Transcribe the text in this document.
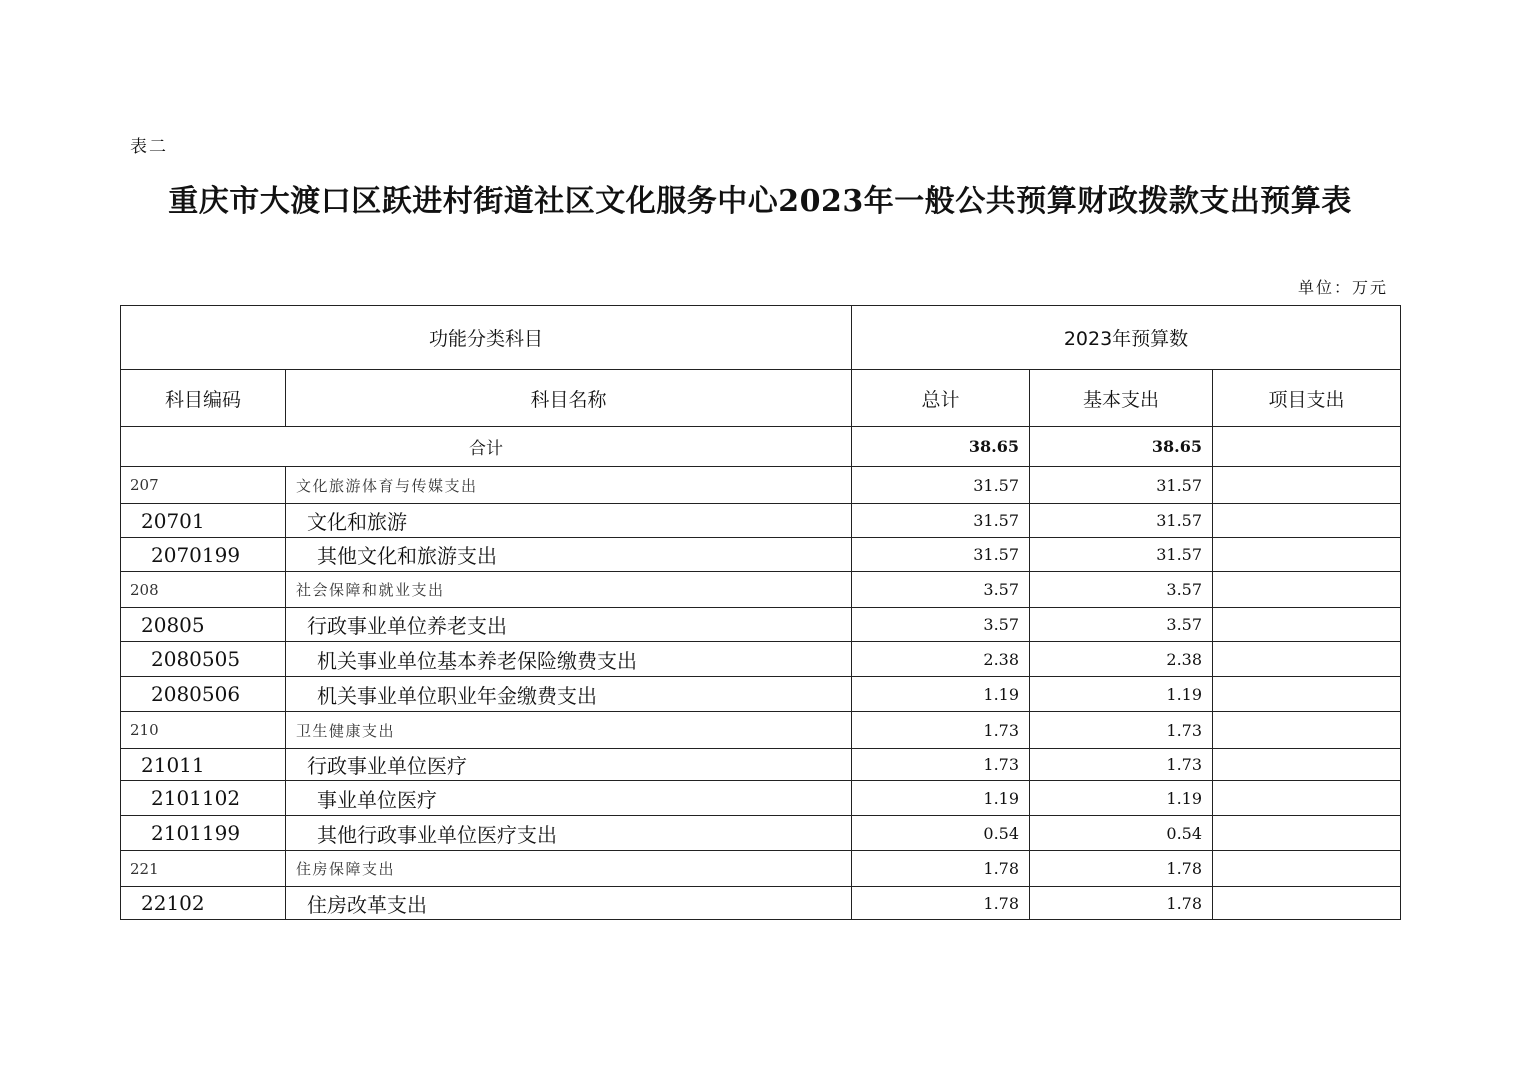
表二
重庆市大渡口区跃进村街道社区文化服务中心2023年一般公共预算财政拨款支出预算表
单位：万元
功能分类科目		2023年预算数		
科目编码	科目名称	总计	基本支出	项目支出
合计		38.65	38.65	
207	文化旅游体育与传媒支出	31.57	31.57	
20701	文化和旅游	31.57	31.57	
2070199	其他文化和旅游支出	31.57	31.57	
208	社会保障和就业支出	3.57	3.57	
20805	行政事业单位养老支出	3.57	3.57	
2080505	机关事业单位基本养老保险缴费支出	2.38	2.38	
2080506	机关事业单位职业年金缴费支出	1.19	1.19	
210	卫生健康支出	1.73	1.73	
21011	行政事业单位医疗	1.73	1.73	
2101102	事业单位医疗	1.19	1.19	
2101199	其他行政事业单位医疗支出	0.54	0.54	
221	住房保障支出	1.78	1.78	
22102	住房改革支出	1.78	1.78	
